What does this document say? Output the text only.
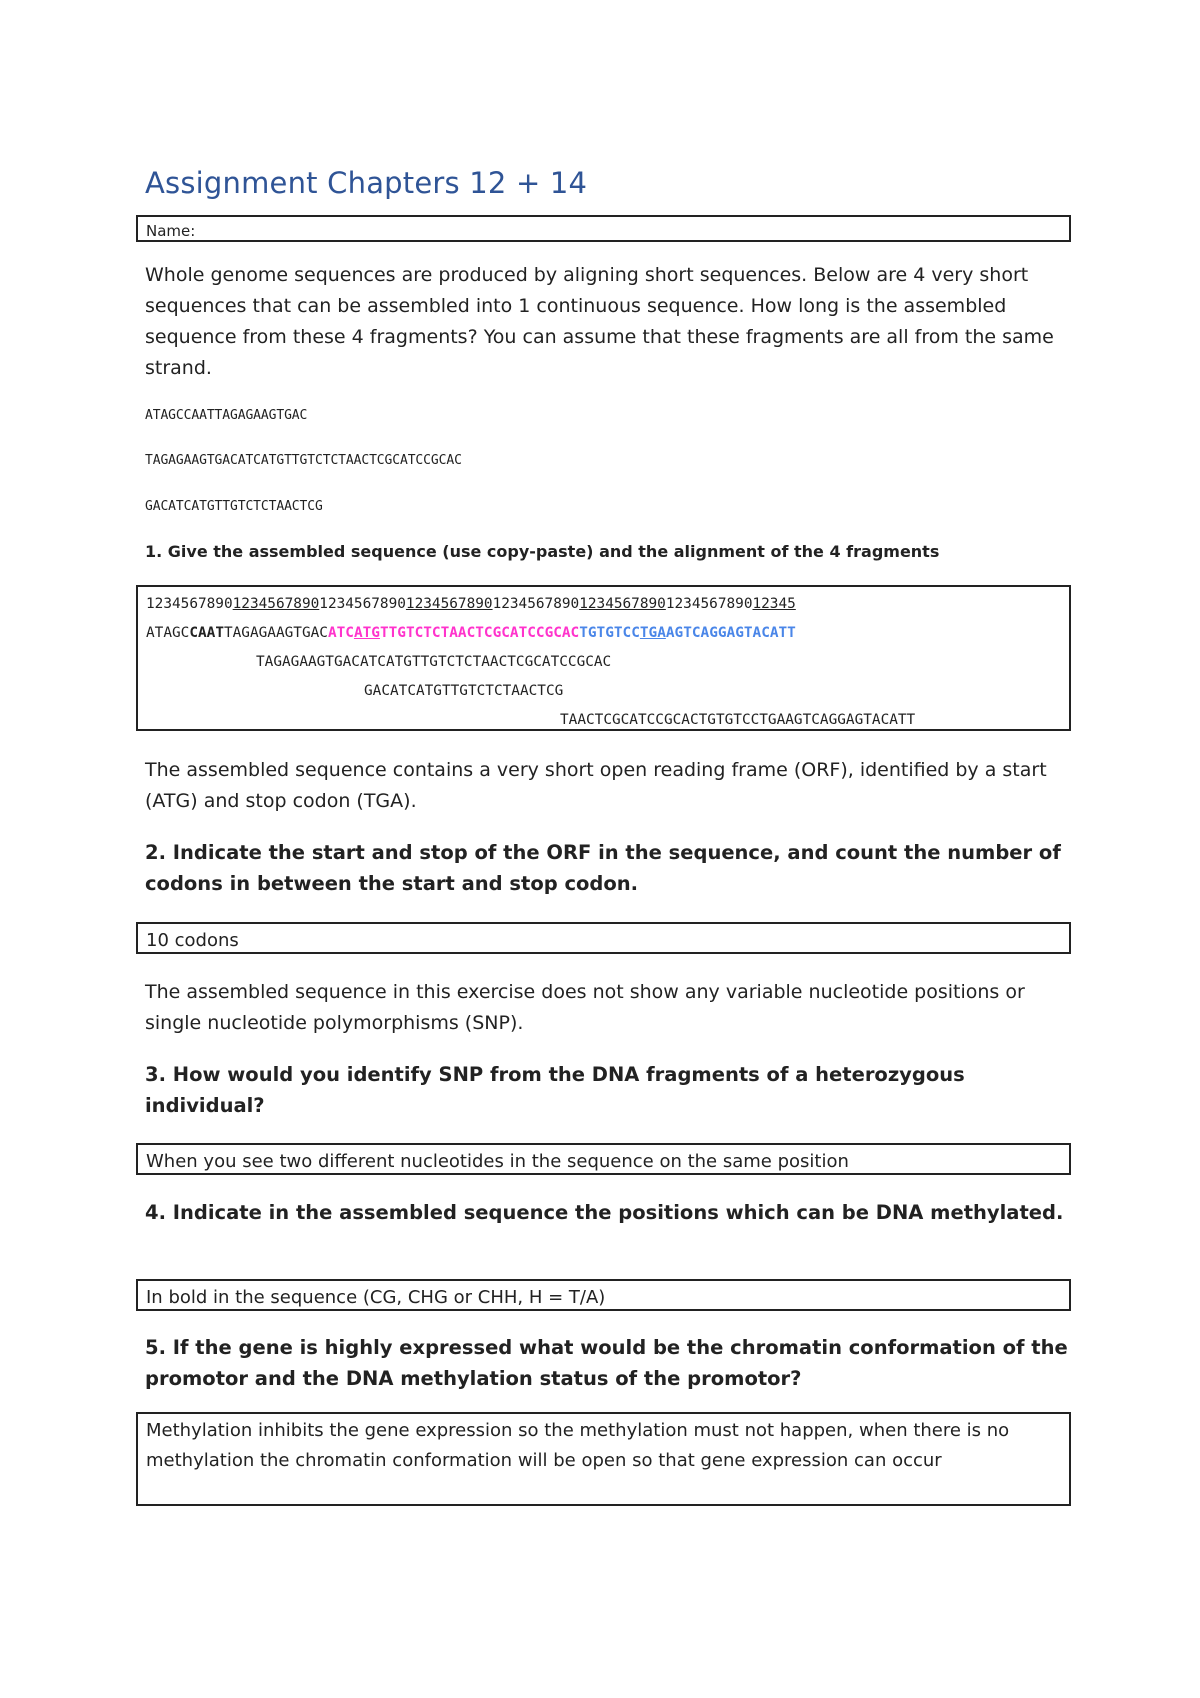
Assignment Chapters 12 + 14
Name:

Whole genome sequences are produced by aligning short sequences. Below are 4 very short sequences that can be assembled into 1 continuous sequence. How long is the assembled sequence from these 4 fragments? You can assume that these fragments are all from the same strand.

ATAGCCAATTAGAGAAGTGAC

TAGAGAAGTGACATCATGTTGTCTCTAACTCGCATCCGCAC

GACATCATGTTGTCTCTAACTCG

1. Give the assembled sequence (use copy-paste) and the alignment of the 4 fragments

123456789012345678901234567890123456789012345678901234567890123456789012345
ATAGCCAATTAGAGAAGTGACATCATGTTGTCTCTAACTCGCATCCGCACTGTGTCCTGAAGTCAGGAGTACATT
TAGAGAAGTGACATCATGTTGTCTCTAACTCGCATCCGCAC
GACATCATGTTGTCTCTAACTCG
TAACTCGCATCCGCACTGTGTCCTGAAGTCAGGAGTACATT

The assembled sequence contains a very short open reading frame (ORF), identified by a start (ATG) and stop codon (TGA).

2. Indicate the start and stop of the ORF in the sequence, and count the number of codons in between the start and stop codon.

10 codons

The assembled sequence in this exercise does not show any variable nucleotide positions or single nucleotide polymorphisms (SNP).

3. How would you identify SNP from the DNA fragments of a heterozygous individual?

When you see two different nucleotides in the sequence on the same position

4. Indicate in the assembled sequence the positions which can be DNA methylated.

In bold in the sequence (CG, CHG or CHH, H = T/A)

5. If the gene is highly expressed what would be the chromatin conformation of the promotor and the DNA methylation status of the promotor?

Methylation inhibits the gene expression so the methylation must not happen, when there is no methylation the chromatin conformation will be open so that gene expression can occur
